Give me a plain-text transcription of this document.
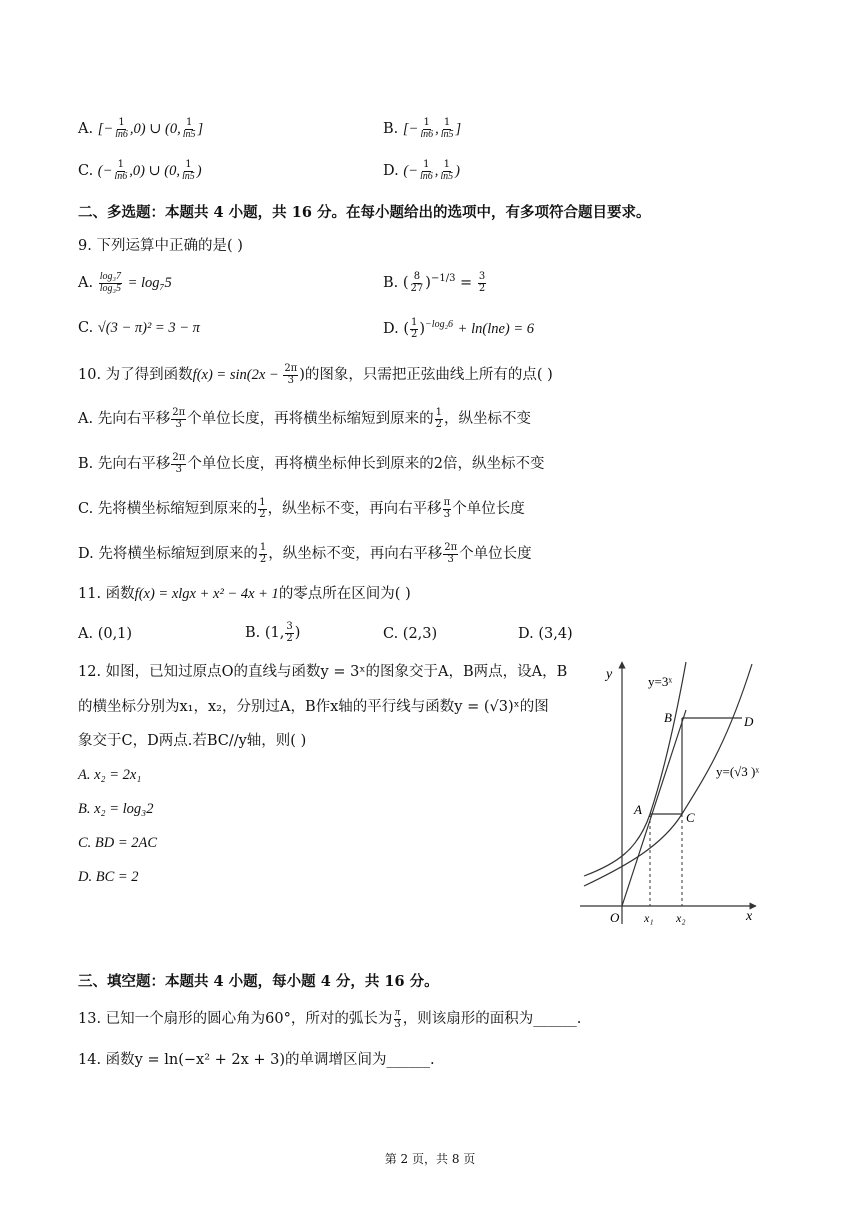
A. [− $\frac{1}{\ln 6} ,0$) ∪ (0, $\frac{1}{\ln 5}$ ]	B. [− $\frac{1}{\ln 6}$ , $\frac{1}{\ln 5}$ ]
C. (− $\frac{1}{\ln 6} ,0$) ∪ (0, $\frac{1}{\ln 5}$ )	D. (− $\frac{1}{\ln 6}$ , $\frac{1}{\ln 5}$ )
二、多选题：本题共 4 小题，共 16 分。在每小题给出的选项中，有多项符合题目要求。
9. 下列运算中正确的是( )
A. $\frac{\text{log₃7}}{\text{log₃5}} = \log_75$	B. ( $\frac{8}{27} )^{-1/3} = \frac{3}{2}$
C. √(3 − π)² = 3 − π	D. ( $\frac{1}{2} )^{-log_26} + \ln(\ln e) = 6$
10. 为了得到函数$f(x) = \sin(2x - \frac{2\pi}{3}$ )的图象，只需把正弦曲线上所有的点( )
A. 先向右平移 $\frac{2\pi}{3}$ 个单位长度，再将横坐标缩短到原来的 $\frac{1}{2}$ ，纵坐标不变
B. 先向右平移 $\frac{2\pi}{3}$ 个单位长度，再将横坐标伸长到原来的2倍，纵坐标不变
C. 先将横坐标缩短到原来的 $\frac{1}{2}$ ，纵坐标不变，再向右平移 $\frac{\pi}{3}$ 个单位长度
D. 先将横坐标缩短到原来的 $\frac{1}{2}$ ，纵坐标不变，再向右平移 $\frac{2\pi}{3}$ 个单位长度
11. 函数f(x) = xlgx + x² − 4x + 1的零点所在区间为( )
A. (0,1)	B. (1, $\frac{3}{2}$ )	C. (2,3)	D. (3,4)
12. 如图，已知过原点O的直线与函数y = 3ˣ的图象交于A，B两点，设A，B
的横坐标分别为x₁，x₂，分别过A，B作x轴的平行线与函数y = (√3)ˣ的图
象交于C，D两点.若BC//y轴，则( )
A. x₂ = 2x₁
B. x₂ = log₃2
C. BD = 2AC
D. BC = 2
y
x
O
y=3ˣ
y=(√3 )ˣ
A
B
C
D
x₁ x₂
三、填空题：本题共 4 小题，每小题 4 分，共 16 分。
13. 已知一个扇形的圆心角为60°，所对的弧长为 $\frac{\pi}{3}$ ，则该扇形的面积为______.
14. 函数y = ln(−x² + 2x + 3)的单调增区间为______.
第 2 页，共 8 页
